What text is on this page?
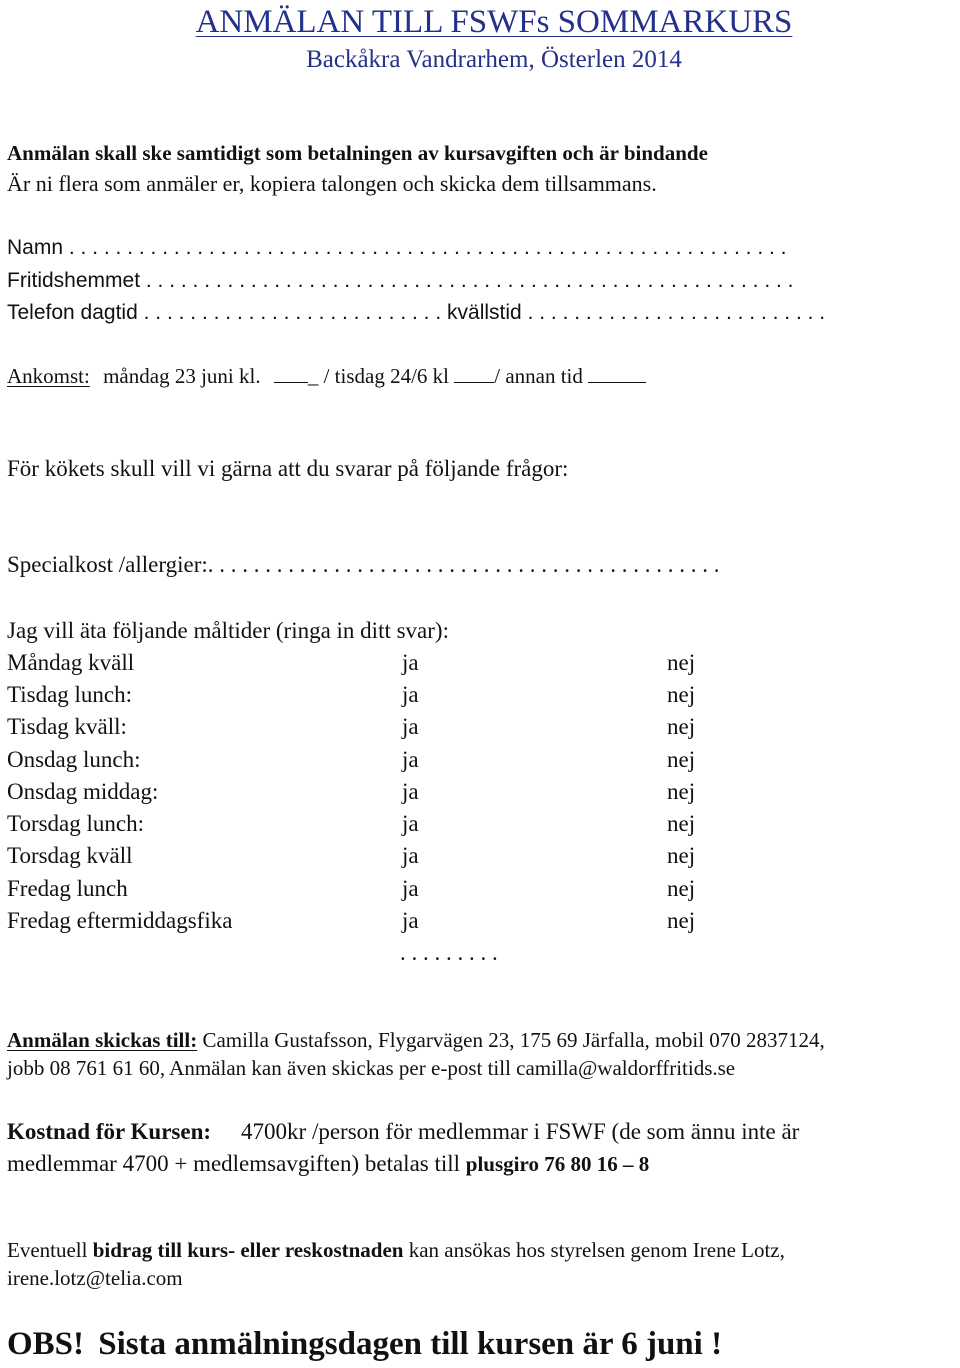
ANMÄLAN TILL FSWFs SOMMARKURS
Backåkra Vandrarhem, Österlen 2014
Anmälan skall ske samtidigt som betalningen av kursavgiften och är bindande
Är ni flera som anmäler er, kopiera talongen och skicka dem tillsammans.
Namn . . . . . . . . . . . . . . . . . . . . . . . . . . . . . . . . . . . . . . . . . . . . . . . . . . . . . . . . . . . . . .
Fritidshemmet . . . . . . . . . . . . . . . . . . . . . . . . . . . . . . . . . . . . . . . . . . . . . . . . . . . . . . . .
Telefon dagtid . . . . . . . . . . . . . . . . . . . . . . . . . . kvällstid . . . . . . . . . . . . . . . . . . . . . . . . . .
Ankomst: måndag 23 juni kl. _ / tisdag 24/6 kl / annan tid
För kökets skull vill vi gärna att du svarar på följande frågor:
Specialkost /allergier:. . . . . . . . . . . . . . . . . . . . . . . . . . . . . . . . . . . . . . . . . . . . .
Jag vill äta följande måltider (ringa in ditt svar):
Måndag kväll	ja	nej
Tisdag lunch:	ja	nej
Tisdag kväll:	ja	nej
Onsdag lunch:	ja	nej
Onsdag middag:	ja	nej
Torsdag lunch:	ja	nej
Torsdag kväll	ja	nej
Fredag lunch	ja	nej
Fredag eftermiddagsfika	ja	nej
. . . . . . . . .
Anmälan skickas till: Camilla Gustafsson, Flygarvägen 23, 175 69 Järfalla, mobil 070 2837124,
jobb 08 761 61 60, Anmälan kan även skickas per e-post till camilla@waldorffritids.se
Kostnad för Kursen: 4700kr /person för medlemmar i FSWF (de som ännu inte är
medlemmar 4700 + medlemsavgiften) betalas till plusgiro 76 80 16 – 8
Eventuell bidrag till kurs- eller reskostnaden kan ansökas hos styrelsen genom Irene Lotz,
irene.lotz@telia.com
OBS! Sista anmälningsdagen till kursen är 6 juni !
